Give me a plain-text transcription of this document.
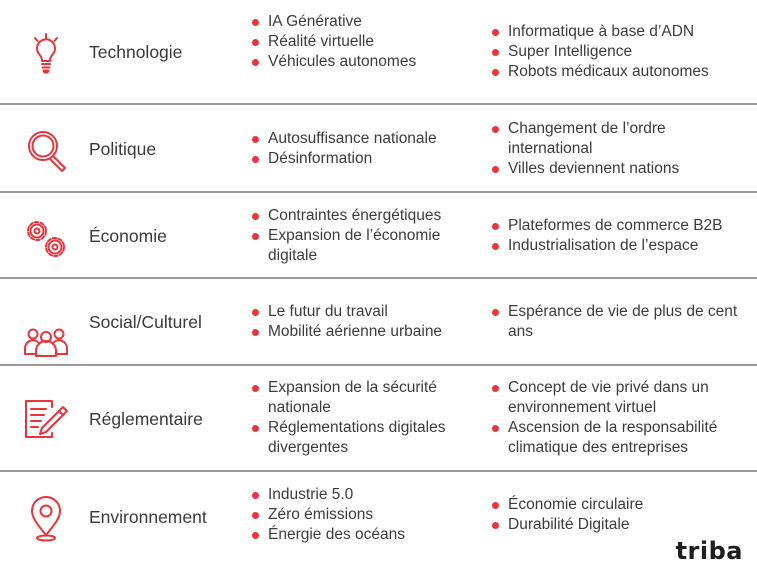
Technologie
IA Générative
Réalité virtuelle
Véhicules autonomes
Informatique à base d’ADN
Super Intelligence
Robots médicaux autonomes
Politique
Autosuffisance nationale
Désinformation
Changement de l’ordre international
Villes deviennent nations
Économie
Contraintes énergétiques
Expansion de l’économie digitale
Plateformes de commerce B2B
Industrialisation de l’espace
Social/Culturel
Le futur du travail
Mobilité aérienne urbaine
Espérance de vie de plus de cent ans
Réglementaire
Expansion de la sécurité nationale
Réglementations digitales divergentes
Concept de vie privé dans un environnement virtuel
Ascension de la responsabilité climatique des entreprises
Environnement
Industrie 5.0
Zéro émissions
Énergie des océans
Économie circulaire
Durabilité Digitale
triba
